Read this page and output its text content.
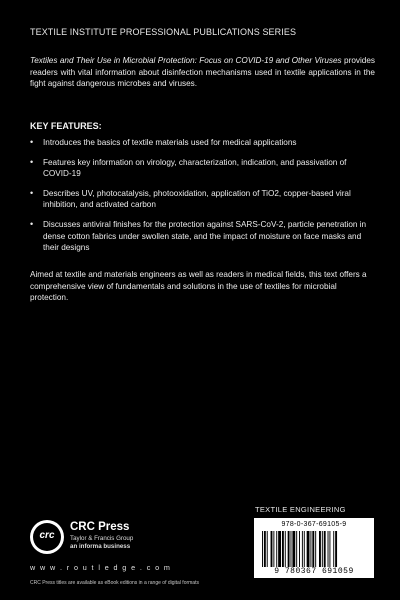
TEXTILE INSTITUTE PROFESSIONAL PUBLICATIONS SERIES
Textiles and Their Use in Microbial Protection: Focus on COVID-19 and Other Viruses provides readers with vital information about disinfection mechanisms used in textile applications in the fight against dangerous microbes and viruses.
KEY FEATURES:
• Introduces the basics of textile materials used for medical applications
• Features key information on virology, characterization, indication, and passivation of COVID-19
• Describes UV, photocatalysis, photooxidation, application of TiO2, copper-based viral inhibition, and activated carbon
• Discusses antiviral finishes for the protection against SARS-CoV-2, particle penetration in dense cotton fabrics under swollen state, and the impact of moisture on face masks and their designs
Aimed at textile and materials engineers as well as readers in medical fields, this text offers a comprehensive view of fundamentals and solutions in the use of textiles for microbial protection.
crc
CRC Press
Taylor & Francis Group
an informa business
w w w . r o u t l e d g e . c o m
CRC Press titles are available as eBook editions in a range of digital formats
TEXTILE ENGINEERING
978-0-367-69105-9
9 780367 691059
